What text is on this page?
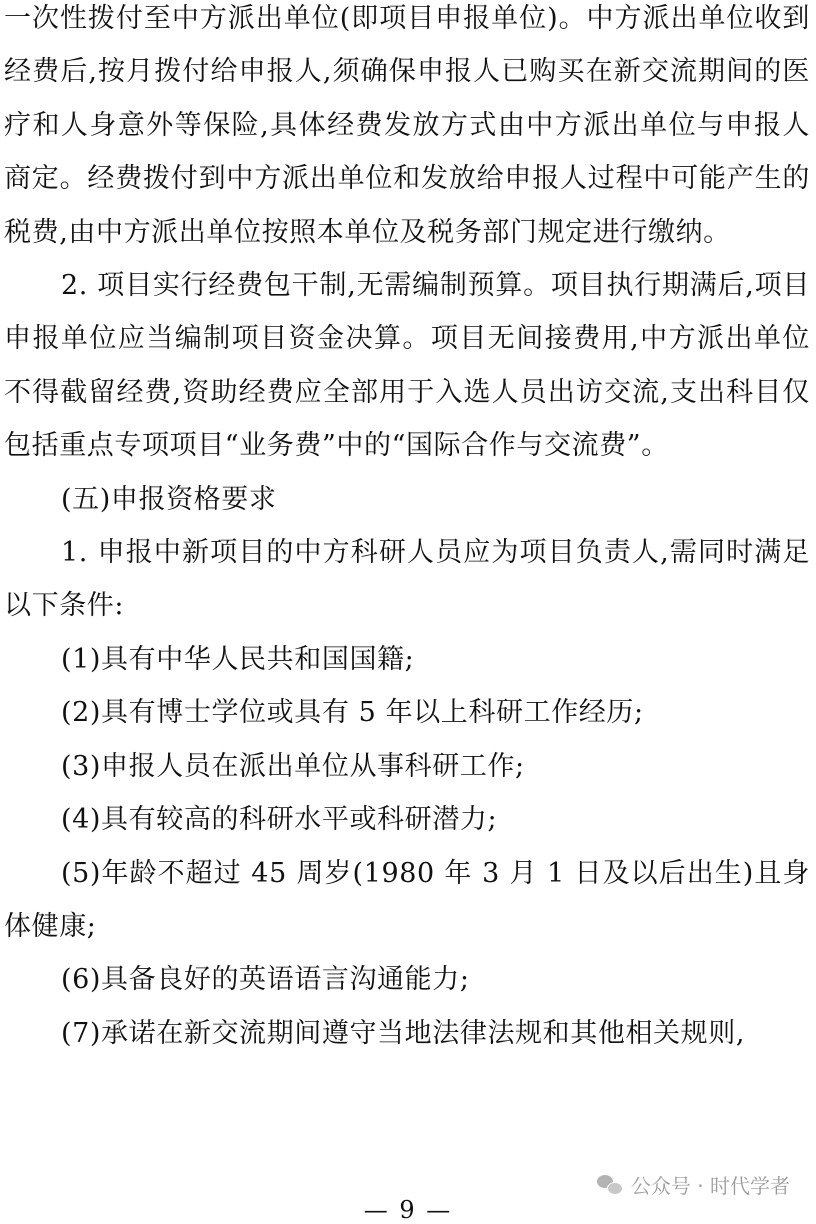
一次性拨付至中方派出单位(即项目申报单位)。中方派出单位收到经费后,按月拨付给申报人,须确保申报人已购买在新交流期间的医疗和人身意外等保险,具体经费发放方式由中方派出单位与申报人商定。经费拨付到中方派出单位和发放给申报人过程中可能产生的税费,由中方派出单位按照本单位及税务部门规定进行缴纳。

2. 项目实行经费包干制,无需编制预算。项目执行期满后,项目申报单位应当编制项目资金决算。项目无间接费用,中方派出单位不得截留经费,资助经费应全部用于入选人员出访交流,支出科目仅包括重点专项项目“业务费”中的“国际合作与交流费”。

(五)申报资格要求

1. 申报中新项目的中方科研人员应为项目负责人,需同时满足以下条件:

(1)具有中华人民共和国国籍;

(2)具有博士学位或具有 5 年以上科研工作经历;

(3)申报人员在派出单位从事科研工作;

(4)具有较高的科研水平或科研潜力;

(5)年龄不超过 45 周岁(1980 年 3 月 1 日及以后出生)且身体健康;

(6)具备良好的英语语言沟通能力;

(7)承诺在新交流期间遵守当地法律法规和其他相关规则,

公众号 · 时代学者
— 9 —
